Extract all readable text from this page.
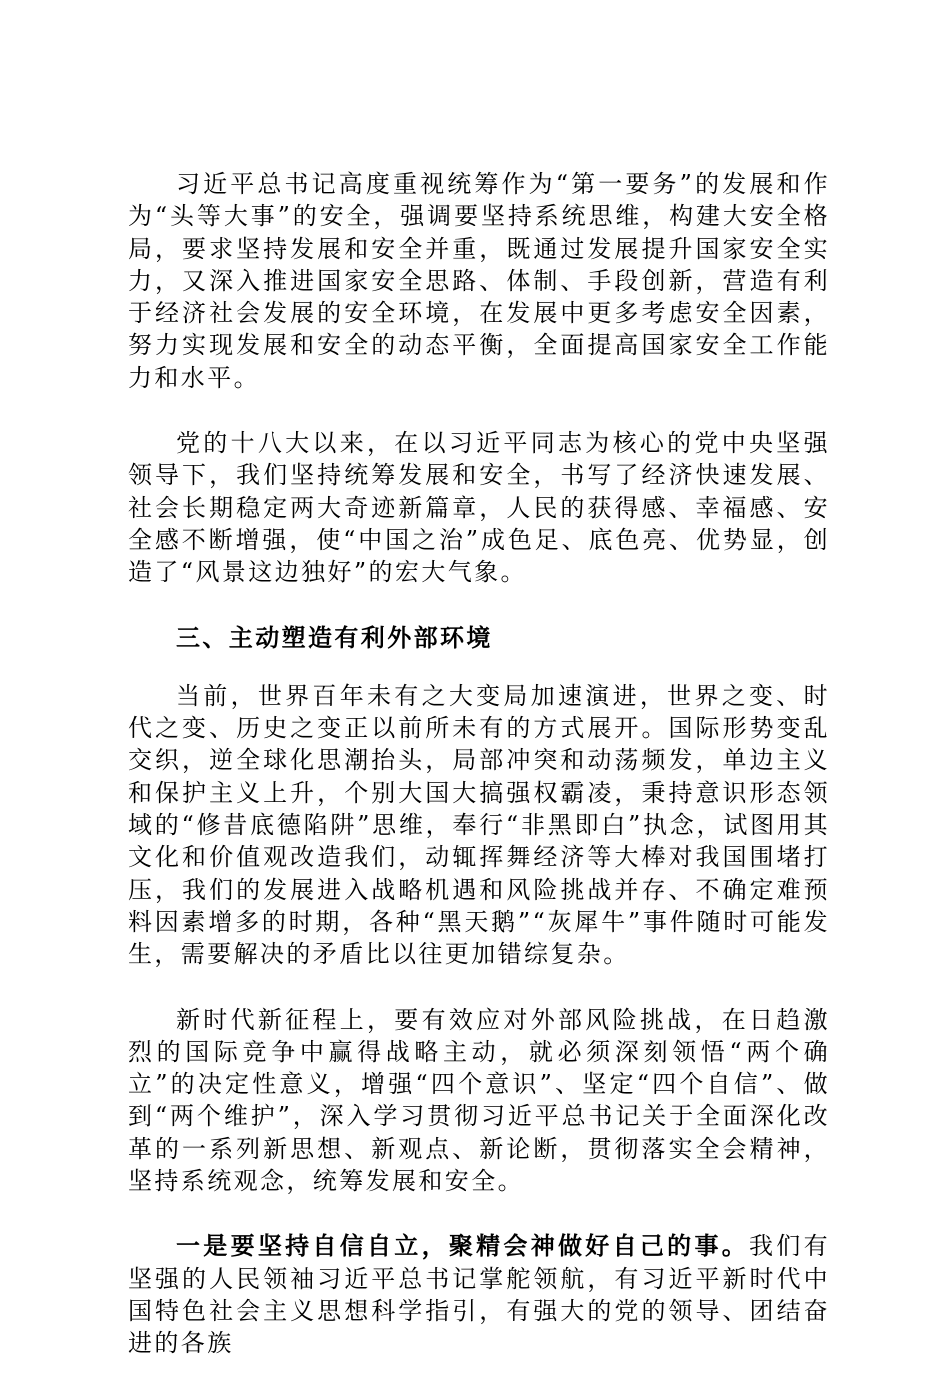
习近平总书记高度重视统筹作为“第一要务”的发展和作为“头等大事”的安全，强调要坚持系统思维，构建大安全格局，要求坚持发展和安全并重，既通过发展提升国家安全实力，又深入推进国家安全思路、体制、手段创新，营造有利于经济社会发展的安全环境，在发展中更多考虑安全因素，努力实现发展和安全的动态平衡，全面提高国家安全工作能力和水平。

党的十八大以来，在以习近平同志为核心的党中央坚强领导下，我们坚持统筹发展和安全，书写了经济快速发展、社会长期稳定两大奇迹新篇章，人民的获得感、幸福感、安全感不断增强，使“中国之治”成色足、底色亮、优势显，创造了“风景这边独好”的宏大气象。

三、主动塑造有利外部环境

当前，世界百年未有之大变局加速演进，世界之变、时代之变、历史之变正以前所未有的方式展开。国际形势变乱交织，逆全球化思潮抬头，局部冲突和动荡频发，单边主义和保护主义上升，个别大国大搞强权霸凌，秉持意识形态领域的“修昔底德陷阱”思维，奉行“非黑即白”执念，试图用其文化和价值观改造我们，动辄挥舞经济等大棒对我国围堵打压，我们的发展进入战略机遇和风险挑战并存、不确定难预料因素增多的时期，各种“黑天鹅”“灰犀牛”事件随时可能发生，需要解决的矛盾比以往更加错综复杂。

新时代新征程上，要有效应对外部风险挑战，在日趋激烈的国际竞争中赢得战略主动，就必须深刻领悟“两个确立”的决定性意义，增强“四个意识”、坚定“四个自信”、做到“两个维护”，深入学习贯彻习近平总书记关于全面深化改革的一系列新思想、新观点、新论断，贯彻落实全会精神，坚持系统观念，统筹发展和安全。

一是要坚持自信自立，聚精会神做好自己的事。我们有坚强的人民领袖习近平总书记掌舵领航，有习近平新时代中国特色社会主义思想科学指引，有强大的党的领导、团结奋进的各族
